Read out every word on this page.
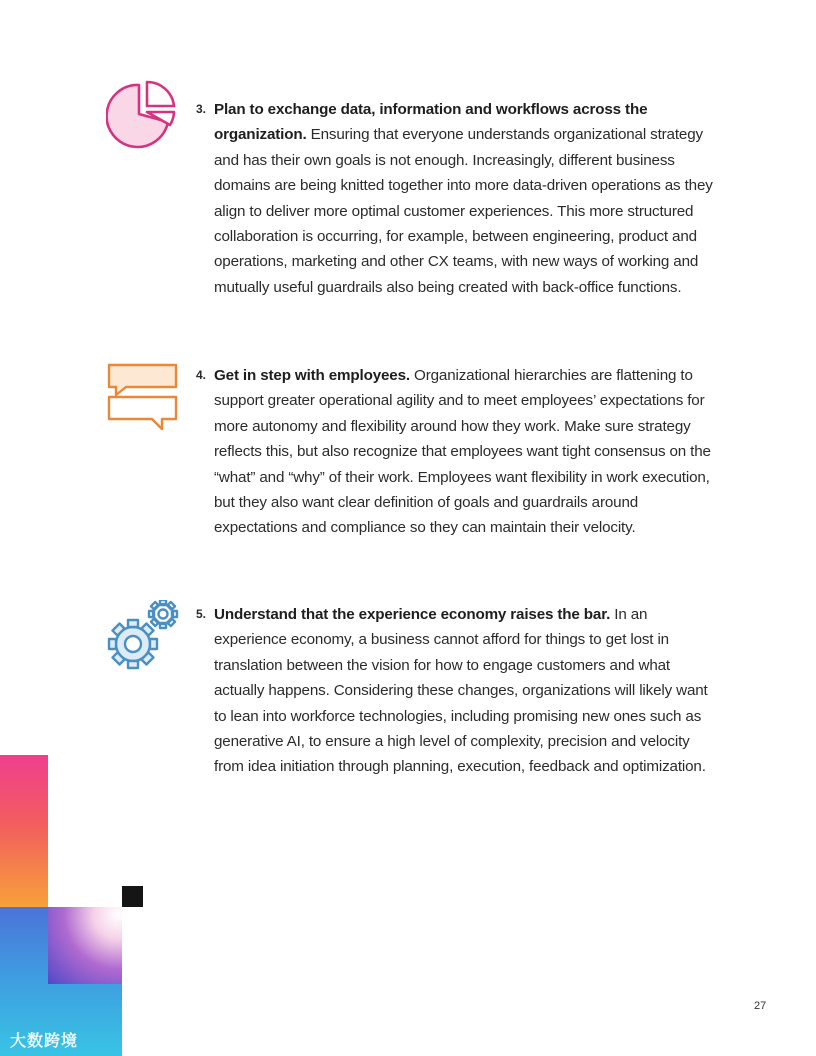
3. Plan to exchange data, information and workflows across the organization. Ensuring that everyone understands organizational strategy and has their own goals is not enough. Increasingly, different business domains are being knitted together into more data-driven operations as they align to deliver more optimal customer experiences. This more structured collaboration is occurring, for example, between engineering, product and operations, marketing and other CX teams, with new ways of working and mutually useful guardrails also being created with back-office functions.
4. Get in step with employees. Organizational hierarchies are flattening to support greater operational agility and to meet employees’ expectations for more autonomy and flexibility around how they work. Make sure strategy reflects this, but also recognize that employees want tight consensus on the “what” and “why” of their work. Employees want flexibility in work execution, but they also want clear definition of goals and guardrails around expectations and compliance so they can maintain their velocity.
5. Understand that the experience economy raises the bar. In an experience economy, a business cannot afford for things to get lost in translation between the vision for how to engage customers and what actually happens. Considering these changes, organizations will likely want to lean into workforce technologies, including promising new ones such as generative AI, to ensure a high level of complexity, precision and velocity from idea initiation through planning, execution, feedback and optimization.
大数跨境
27
